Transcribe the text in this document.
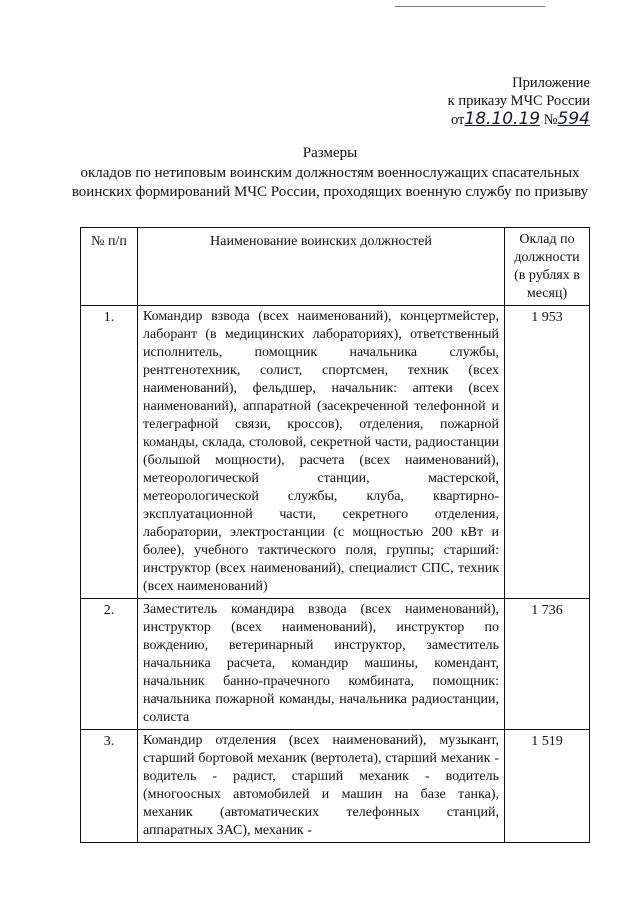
Приложение
к приказу МЧС России
от18.10.19 №594
Размеры
окладов по нетиповым воинским должностям военнослужащих спасательных воинских формирований МЧС России, проходящих военную службу по призыву
№ п/п	Наименование воинских должностей	Оклад по должности (в рублях в месяц)

1.	Командир взвода (всех наименований), концертмейстер, лаборант (в медицинских лабораториях), ответственный исполнитель, помощник начальника службы, рентгенотехник, солист, спортсмен, техник (всех наименований), фельдшер, начальник: аптеки (всех наименований), аппаратной (засекреченной телефонной и телеграфной связи, кроссов), отделения, пожарной команды, склада, столовой, секретной части, радиостанции (большой мощности), расчета (всех наименований), метеорологической станции, мастерской, метеорологической службы, клуба, квартирно-эксплуатационной части, секретного отделения, лаборатории, электростанции (с мощностью 200 кВт и более), учебного тактического поля, группы; старший: инструктор (всех наименований), специалист СПС, техник (всех наименований)	1 953

2.	Заместитель командира взвода (всех наименований), инструктор (всех наименований), инструктор по вождению, ветеринарный инструктор, заместитель начальника расчета, командир машины, комендант, начальник банно-прачечного комбината, помощник: начальника пожарной команды, начальника радиостанции, солиста	1 736

3.	Командир отделения (всех наименований), музыкант, старший бортовой механик (вертолета), старший механик - водитель - радист, старший механик - водитель (многоосных автомобилей и машин на базе танка), механик (автоматических телефонных станций, аппаратных ЗАС), механик -	1 519
